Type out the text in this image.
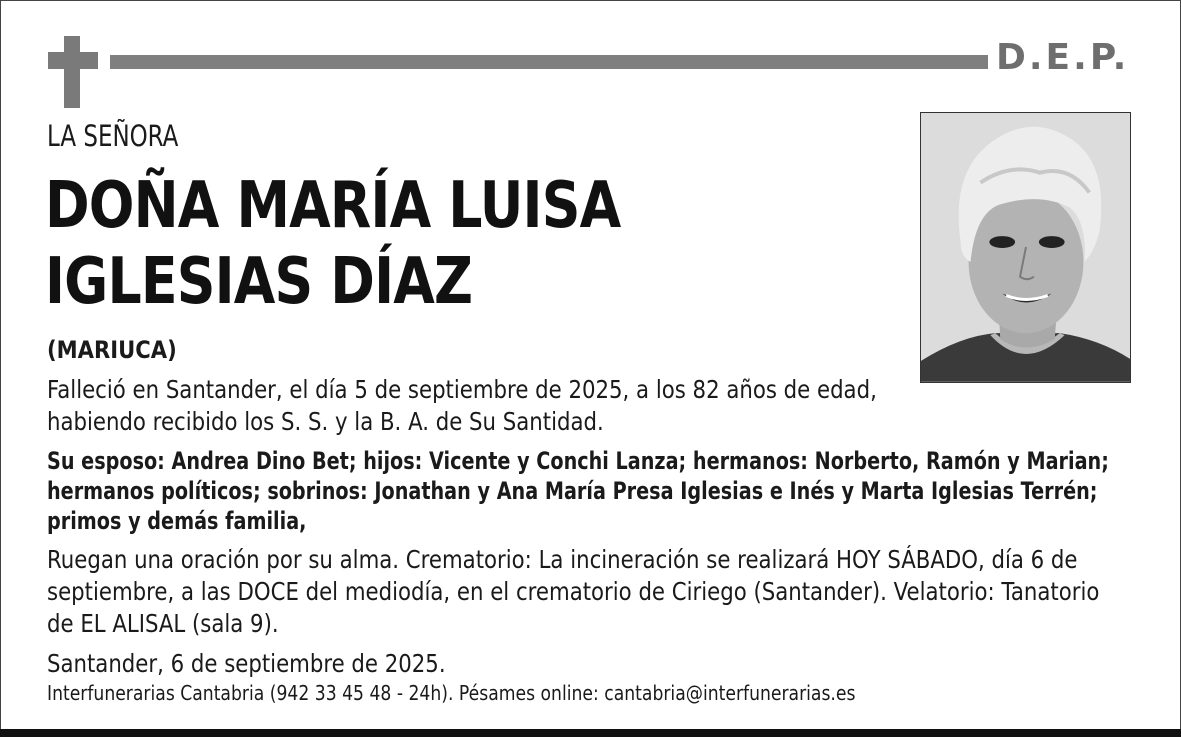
D.E.P.
LA SEÑORA
DOÑA MARÍA LUISA
IGLESIAS DÍAZ
(MARIUCA)
Falleció en Santander, el día 5 de septiembre de 2025, a los 82 años de edad,
habiendo recibido los S. S. y la B. A. de Su Santidad.
Su esposo: Andrea Dino Bet; hijos: Vicente y Conchi Lanza; hermanos: Norberto, Ramón y Marian;
hermanos políticos; sobrinos: Jonathan y Ana María Presa Iglesias e Inés y Marta Iglesias Terrén;
primos y demás familia,
Ruegan una oración por su alma. Crematorio: La incineración se realizará HOY SÁBADO, día 6 de
septiembre, a las DOCE del mediodía, en el crematorio de Ciriego (Santander). Velatorio: Tanatorio
de EL ALISAL (sala 9).
Santander, 6 de septiembre de 2025.
Interfunerarias Cantabria (942 33 45 48 - 24h). Pésames online: cantabria@interfunerarias.es
